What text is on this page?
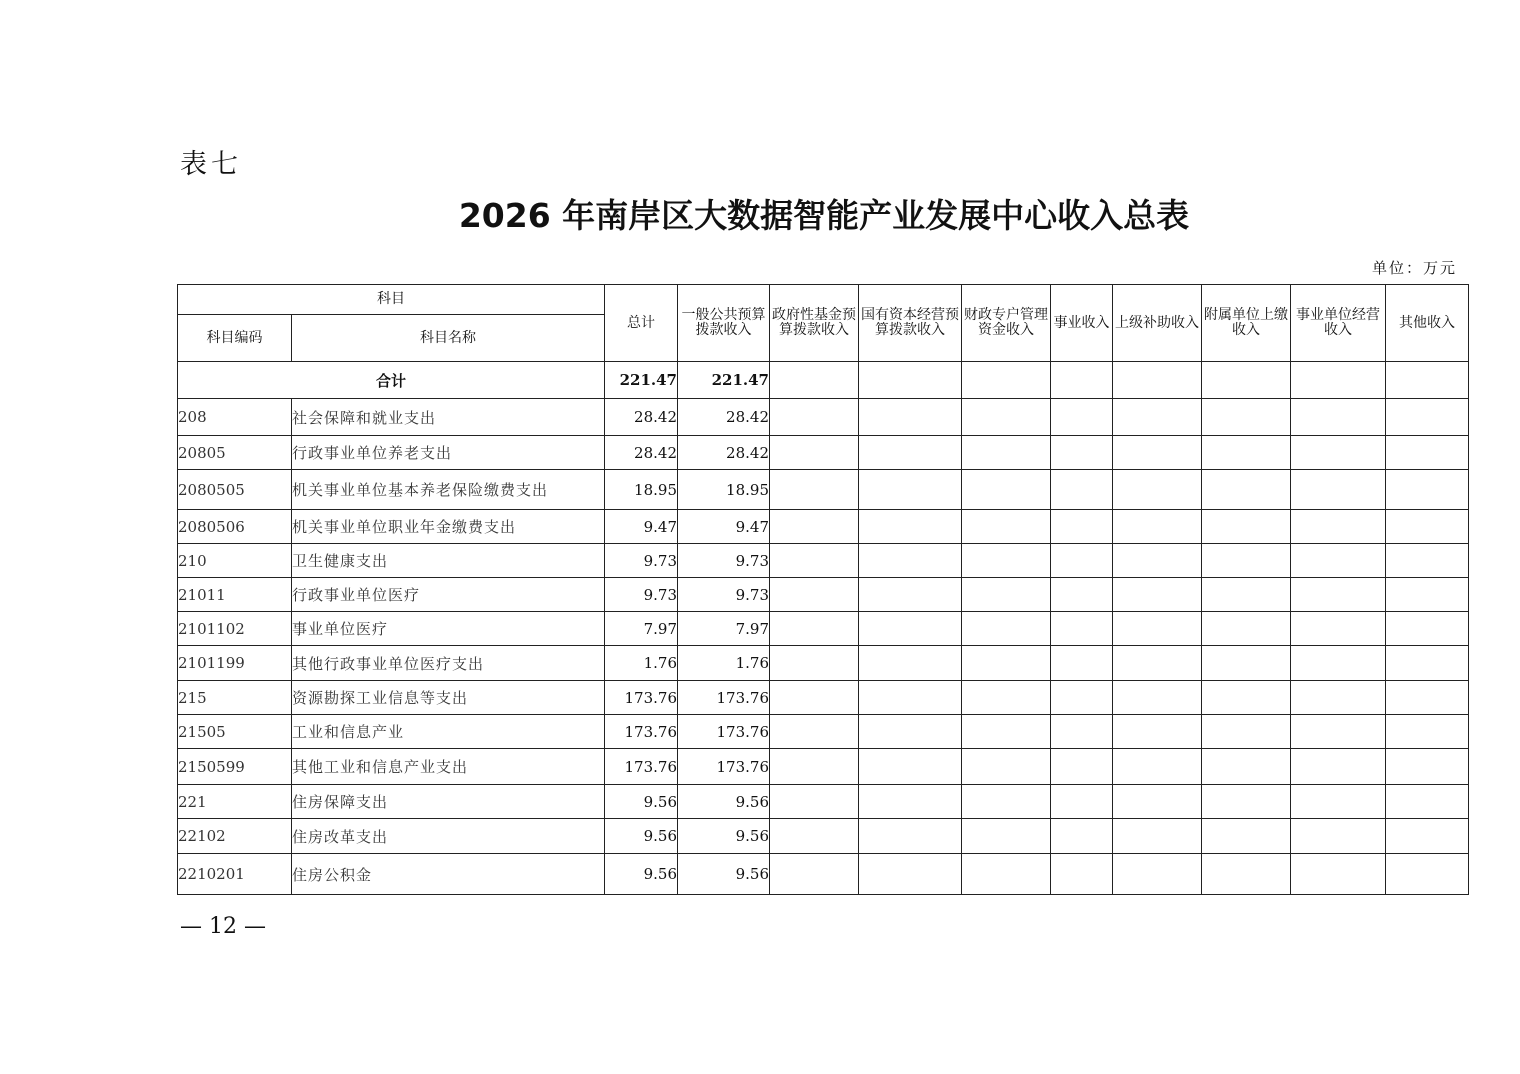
表七
2026 年南岸区大数据智能产业发展中心收入总表
单位：万元
科目		总计	一般公共预算拨款收入	政府性基金预算拨款收入	国有资本经营预算拨款收入	财政专户管理资金收入	事业收入	上级补助收入	附属单位上缴收入	事业单位经营收入	其他收入
科目编码	科目名称										
合计		221.47	221.47								
208	社会保障和就业支出	28.42	28.42								
20805	行政事业单位养老支出	28.42	28.42								
2080505	机关事业单位基本养老保险缴费支出	18.95	18.95								
2080506	机关事业单位职业年金缴费支出	9.47	9.47								
210	卫生健康支出	9.73	9.73								
21011	行政事业单位医疗	9.73	9.73								
2101102	事业单位医疗	7.97	7.97								
2101199	其他行政事业单位医疗支出	1.76	1.76								
215	资源勘探工业信息等支出	173.76	173.76								
21505	工业和信息产业	173.76	173.76								
2150599	其他工业和信息产业支出	173.76	173.76								
221	住房保障支出	9.56	9.56								
22102	住房改革支出	9.56	9.56								
2210201	住房公积金	9.56	9.56								
— 12 —
